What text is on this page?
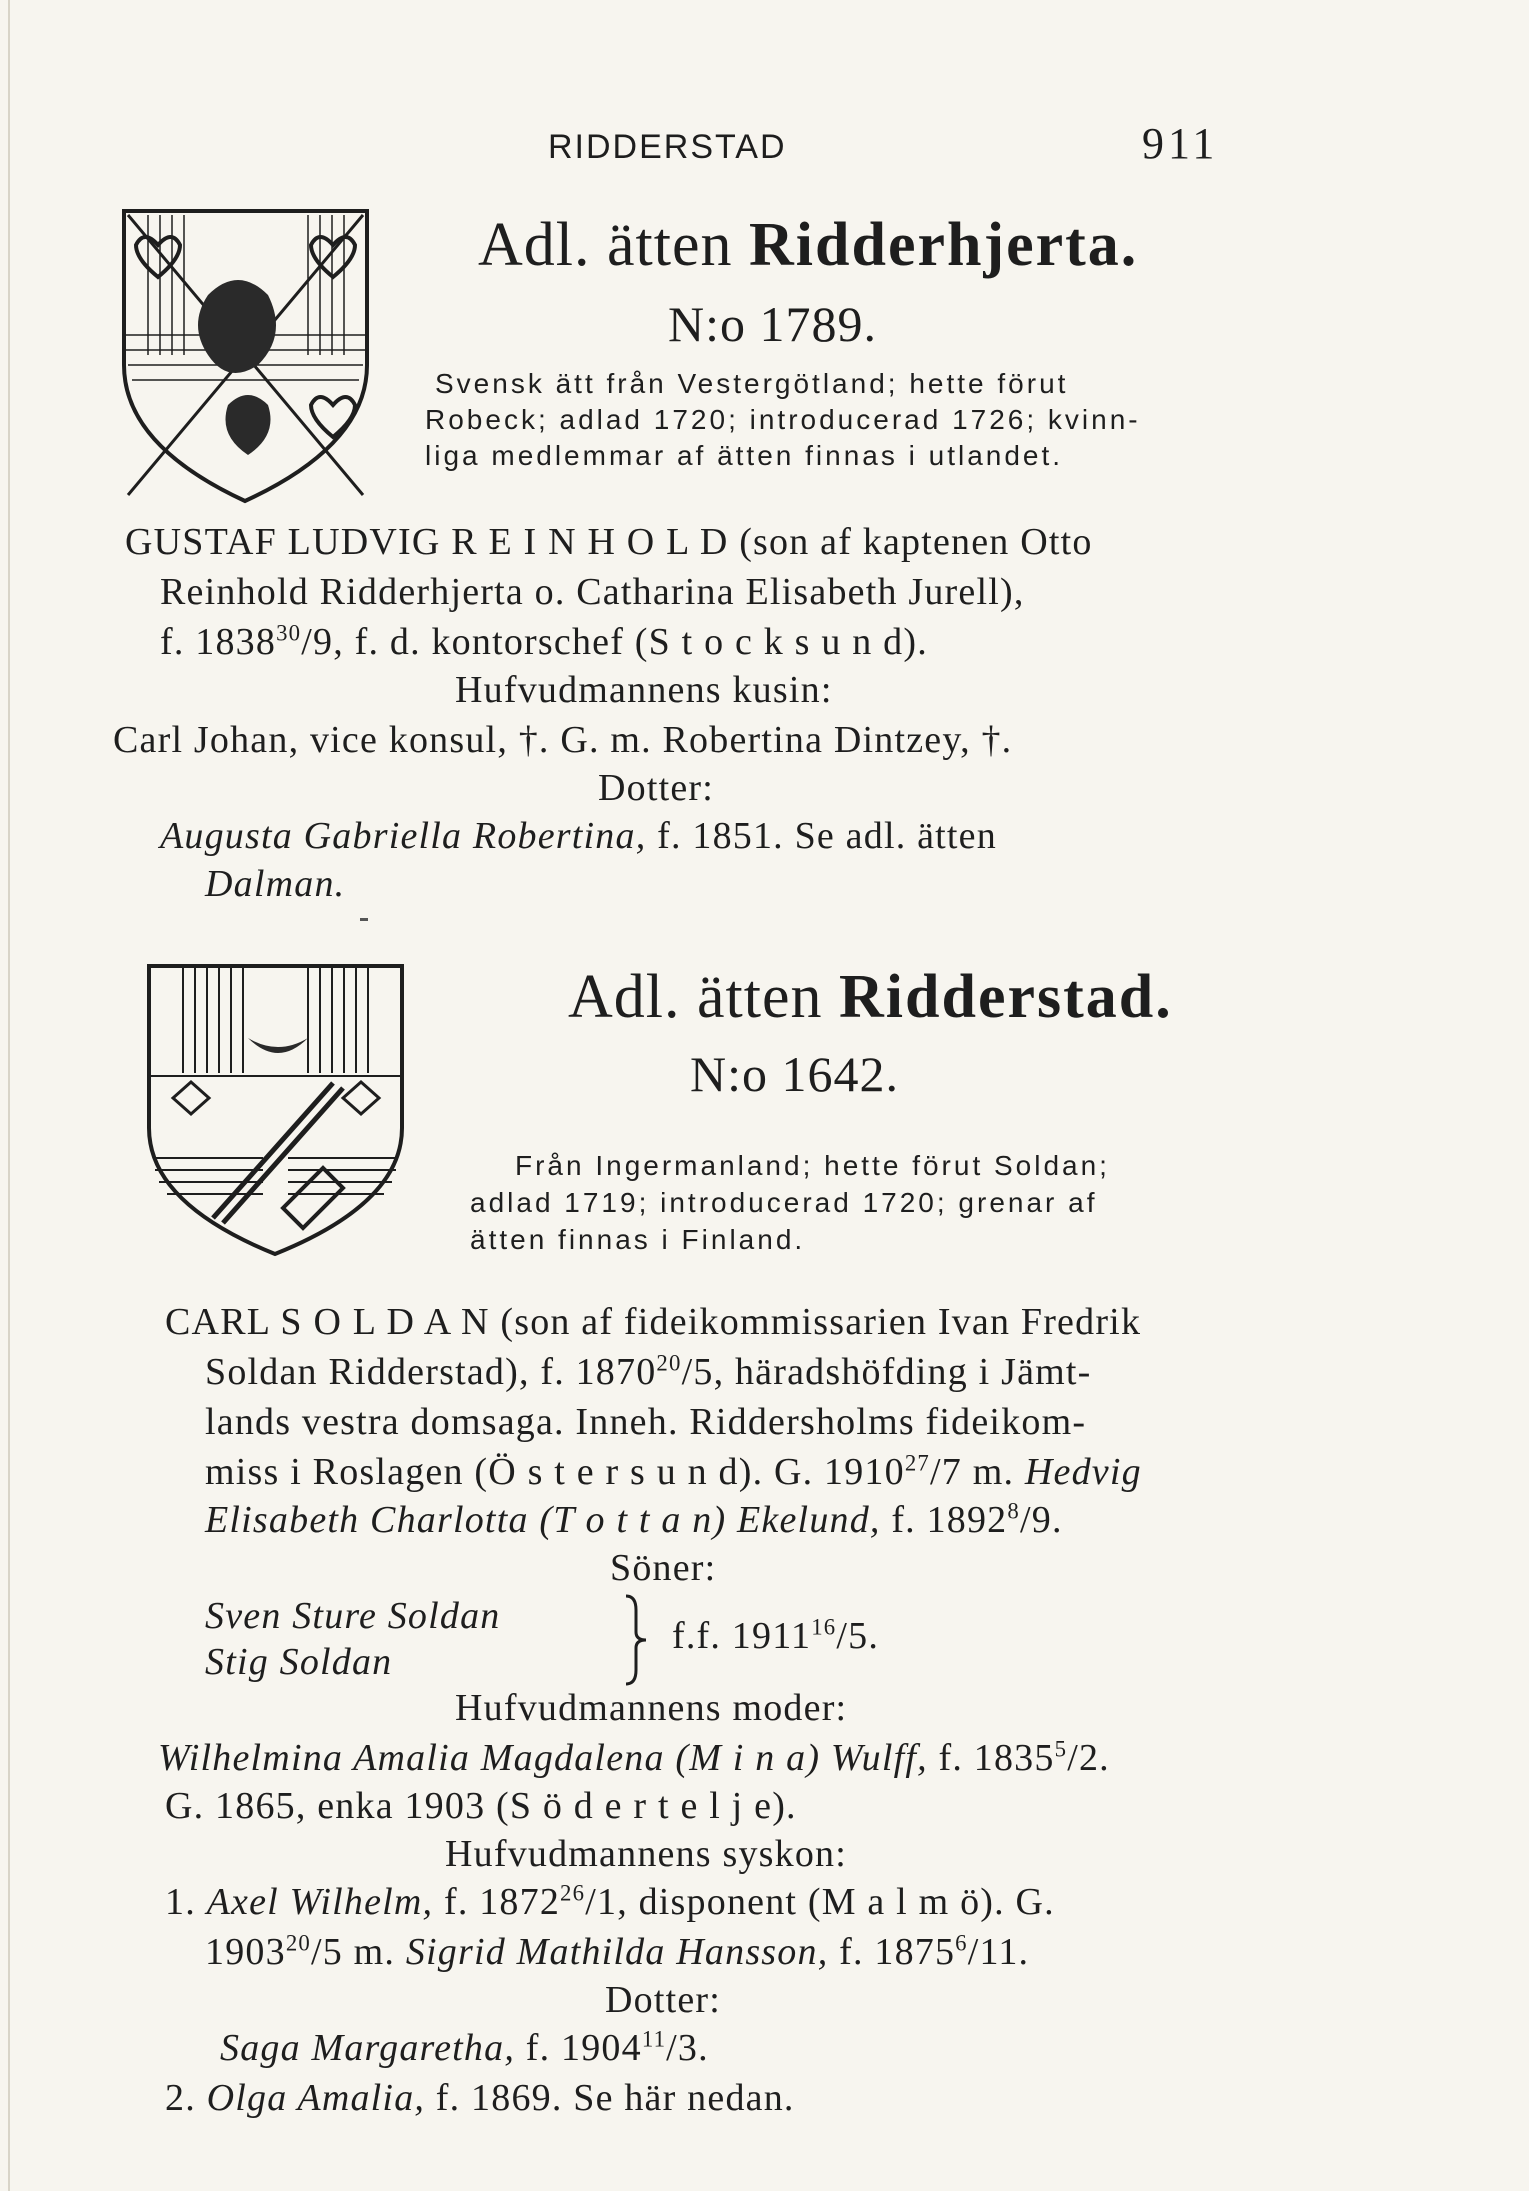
RIDDERSTAD	911
Adl. ätten Ridderhjerta.
N:o 1789.
Svensk ätt från Vestergötland; hette förut
Robeck; adlad 1720; introducerad 1726; kvinn-
liga medlemmar af ätten finnas i utlandet.
GUSTAF LUDVIG R E I N H O L D (son af kaptenen Otto
Reinhold Ridderhjerta o. Catharina Elisabeth Jurell),
f. 1838$^{30}$/9, f. d. kontorschef (S t o c k s u n d).
Hufvudmannens kusin:
Carl Johan, vice konsul, †. G. m. Robertina Dintzey, †.
Dotter:
Augusta Gabriella Robertina, f. 1851. Se adl. ätten
Dalman.
Adl. ätten Ridderstad.
N:o 1642.
Från Ingermanland; hette förut Soldan;
adlad 1719; introducerad 1720; grenar af
ätten finnas i Finland.
CARL S O L D A N (son af fideikommissarien Ivan Fredrik
Soldan Ridderstad), f. 1870$^{20}$/5, häradshöfding i Jämt-
lands vestra domsaga. Inneh. Riddersholms fideikom-
miss i Roslagen (Ö s t e r s u n d). G. 1910$^{27}$/7 m. Hedvig
Elisabeth Charlotta (T o t t a n) Ekelund, f. 1892$^8$/9.
Söner:
Sven Sture Soldan
Stig Soldan
f.f. 1911$^{16}$/5.
Hufvudmannens moder:
Wilhelmina Amalia Magdalena (M i n a) Wulff, f. 1835$^5$/2.
G. 1865, enka 1903 (S ö d e r t e l j e).
Hufvudmannens syskon:
1. Axel Wilhelm, f. 1872$^{26}$/1, disponent (M a l m ö). G.
1903$^{20}$/5 m. Sigrid Mathilda Hansson, f. 1875$^6$/11.
Dotter:
Saga Margaretha, f. 1904$^{11}$/3.
2. Olga Amalia, f. 1869. Se här nedan.
